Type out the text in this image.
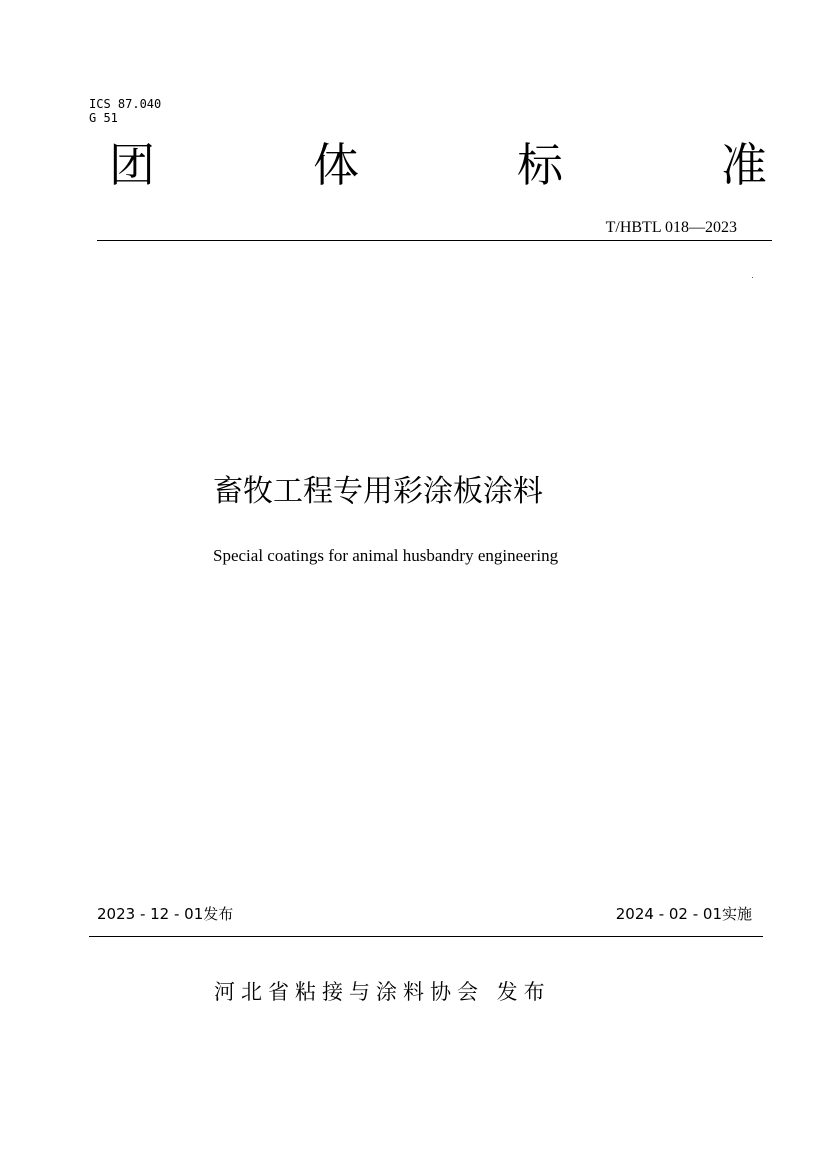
ICS 87.040
G 51
团	体	标	准
T/HBTL 018—2023
畜牧工程专用彩涂板涂料
Special coatings for animal husbandry engineering
2023 - 12 - 01发布	2024 - 02 - 01实施
河北省粘接与涂料协会 发布
